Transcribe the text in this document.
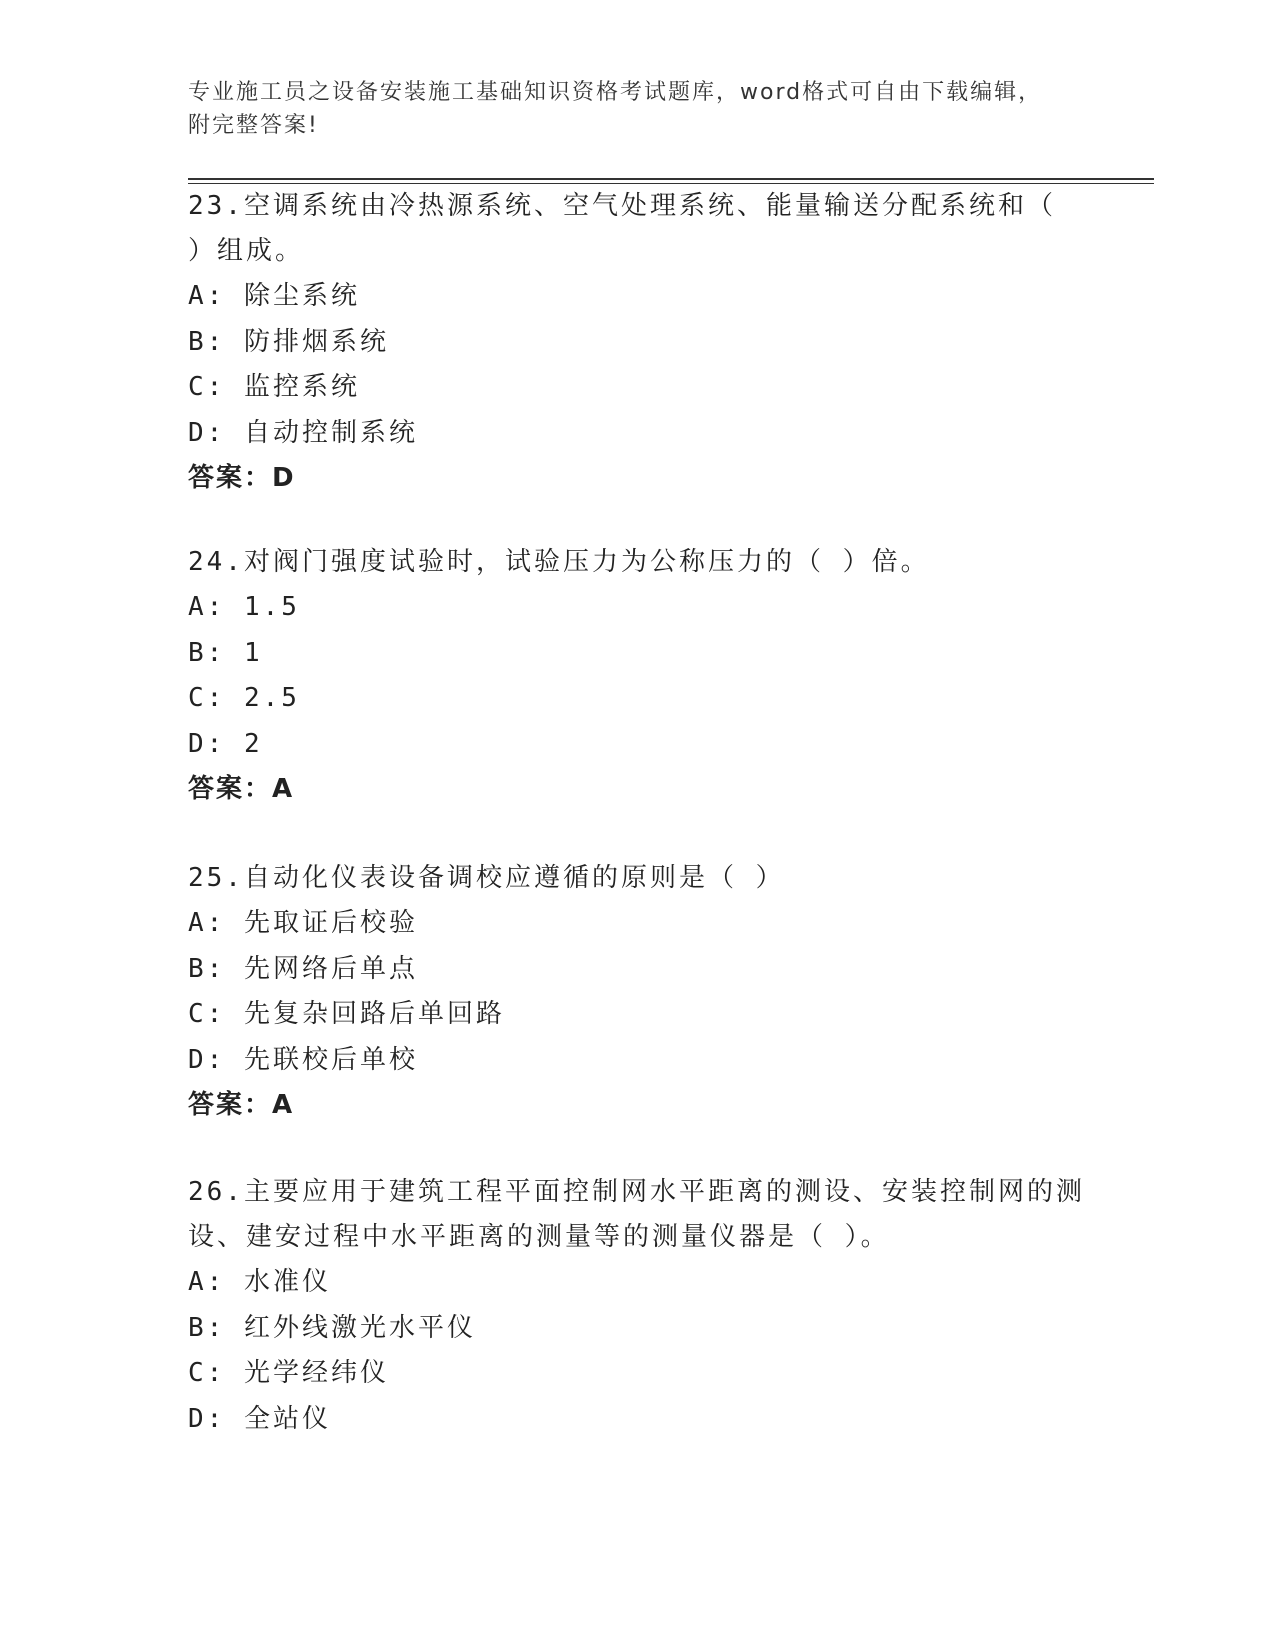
专业施工员之设备安装施工基础知识资格考试题库，word格式可自由下载编辑，
附完整答案!

23.空调系统由冷热源系统、空气处理系统、能量输送分配系统和（ ）组成。

A: 除尘系统

B: 防排烟系统

C: 监控系统

D: 自动控制系统

答案：D

24.对阀门强度试验时，试验压力为公称压力的（ ）倍。

A: 1.5

B: 1

C: 2.5

D: 2

答案：A

25.自动化仪表设备调校应遵循的原则是（ ）

A: 先取证后校验

B: 先网络后单点

C: 先复杂回路后单回路

D: 先联校后单校

答案：A

26.主要应用于建筑工程平面控制网水平距离的测设、安装控制网的测设、建安过程中水平距离的测量等的测量仪器是（ ）。

A: 水准仪

B: 红外线激光水平仪

C: 光学经纬仪

D: 全站仪
